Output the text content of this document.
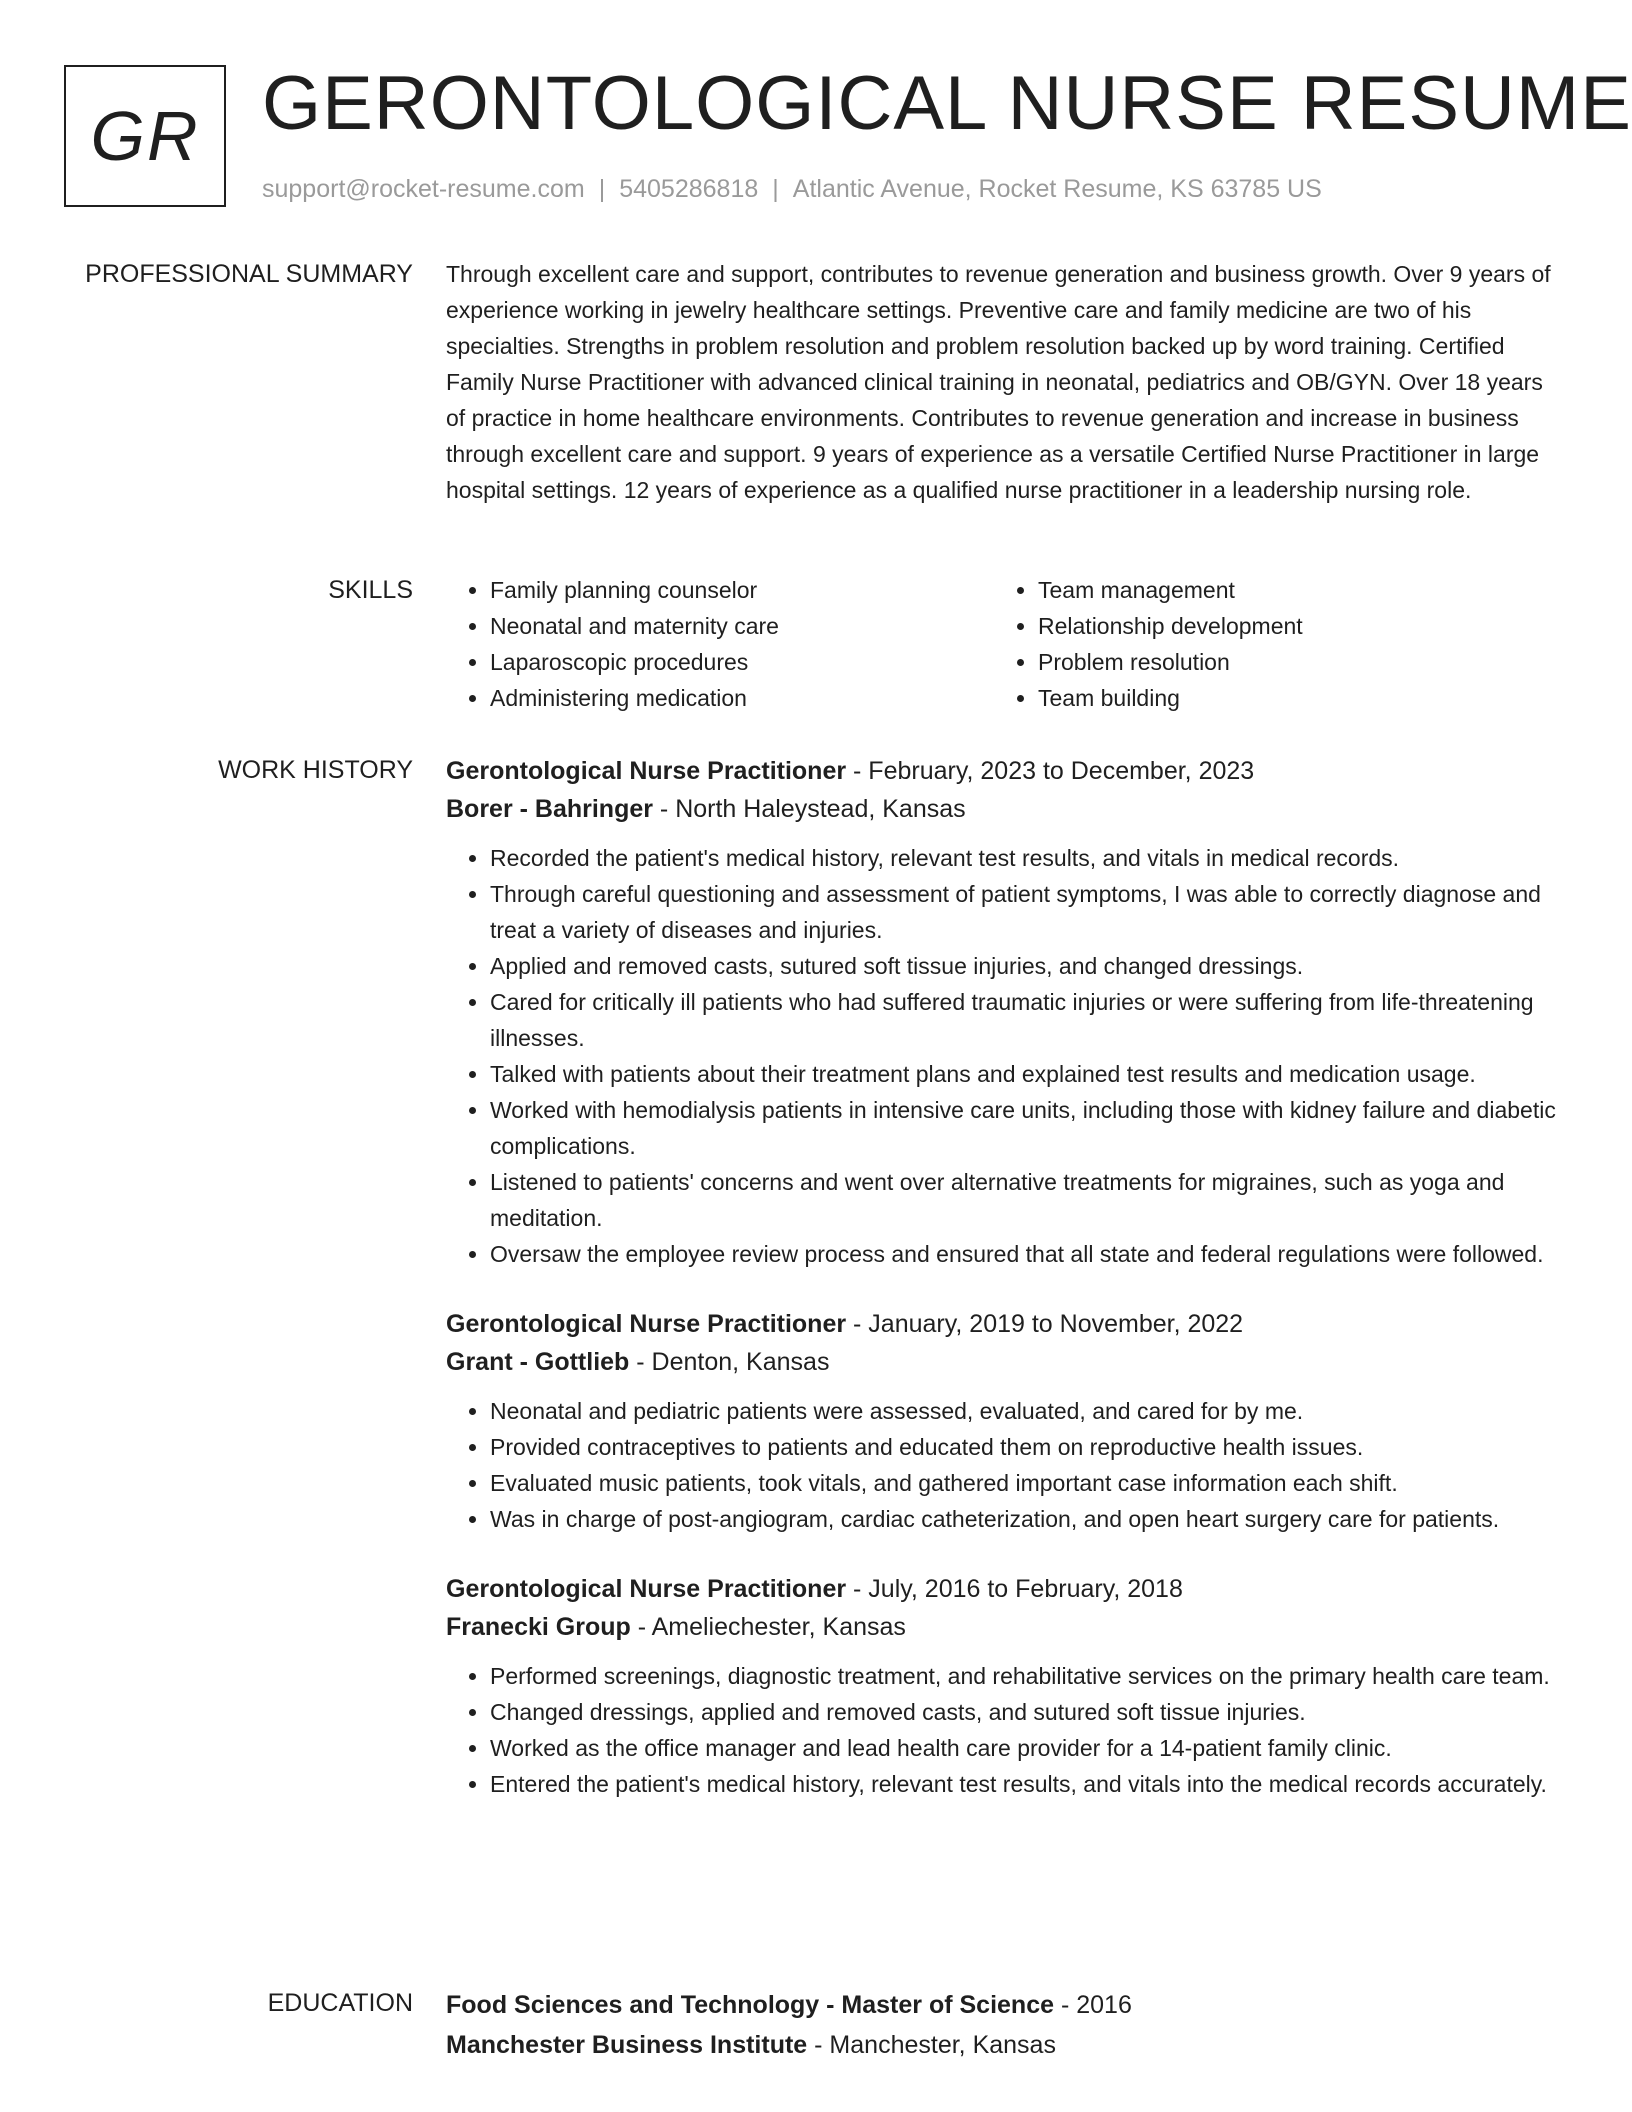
GR GERONTOLOGICAL NURSE RESUME
support@rocket-resume.com | 5405286818 | Atlantic Avenue, Rocket Resume, KS 63785 US
PROFESSIONAL SUMMARY Through excellent care and support, contributes to revenue generation and business growth. Over 9 years of experience working in jewelry healthcare settings. Preventive care and family medicine are two of his specialties. Strengths in problem resolution and problem resolution backed up by word training. Certified Family Nurse Practitioner with advanced clinical training in neonatal, pediatrics and OB/GYN. Over 18 years of practice in home healthcare environments. Contributes to revenue generation and increase in business through excellent care and support. 9 years of experience as a versatile Certified Nurse Practitioner in large hospital settings. 12 years of experience as a qualified nurse practitioner in a leadership nursing role.

SKILLS
•	Family planning counselor
• Neonatal and maternity care
• Laparoscopic procedures
• Administering medication
• Team management
• Relationship development
• Problem resolution
• Team building
WORK HISTORY Gerontological Nurse Practitioner - February, 2023 to December, 2023
Borer - Bahringer - North Haleystead, Kansas
• Recorded the patient's medical history, relevant test results, and vitals in medical records.
• Through careful questioning and assessment of patient symptoms, I was able to correctly diagnose and treat a variety of diseases and injuries.
• Applied and removed casts, sutured soft tissue injuries, and changed dressings.
• Cared for critically ill patients who had suffered traumatic injuries or were suffering from life-threatening illnesses.
• Talked with patients about their treatment plans and explained test results and medication usage.
• Worked with hemodialysis patients in intensive care units, including those with kidney failure and diabetic complications.
• Listened to patients' concerns and went over alternative treatments for migraines, such as yoga and meditation.
• Oversaw the employee review process and ensured that all state and federal regulations were followed.
Gerontological Nurse Practitioner - January, 2019 to November, 2022
Grant - Gottlieb - Denton, Kansas
• Neonatal and pediatric patients were assessed, evaluated, and cared for by me.
• Provided contraceptives to patients and educated them on reproductive health issues.
• Evaluated music patients, took vitals, and gathered important case information each shift.
• Was in charge of post-angiogram, cardiac catheterization, and open heart surgery care for patients.
Gerontological Nurse Practitioner - July, 2016 to February, 2018
Franecki Group - Ameliechester, Kansas
• Performed screenings, diagnostic treatment, and rehabilitative services on the primary health care team.
• Changed dressings, applied and removed casts, and sutured soft tissue injuries.
• Worked as the office manager and lead health care provider for a 14-patient family clinic.
• Entered the patient's medical history, relevant test results, and vitals into the medical records accurately.
EDUCATION Food Sciences and Technology - Master of Science - 2016
Manchester Business Institute - Manchester, Kansas
